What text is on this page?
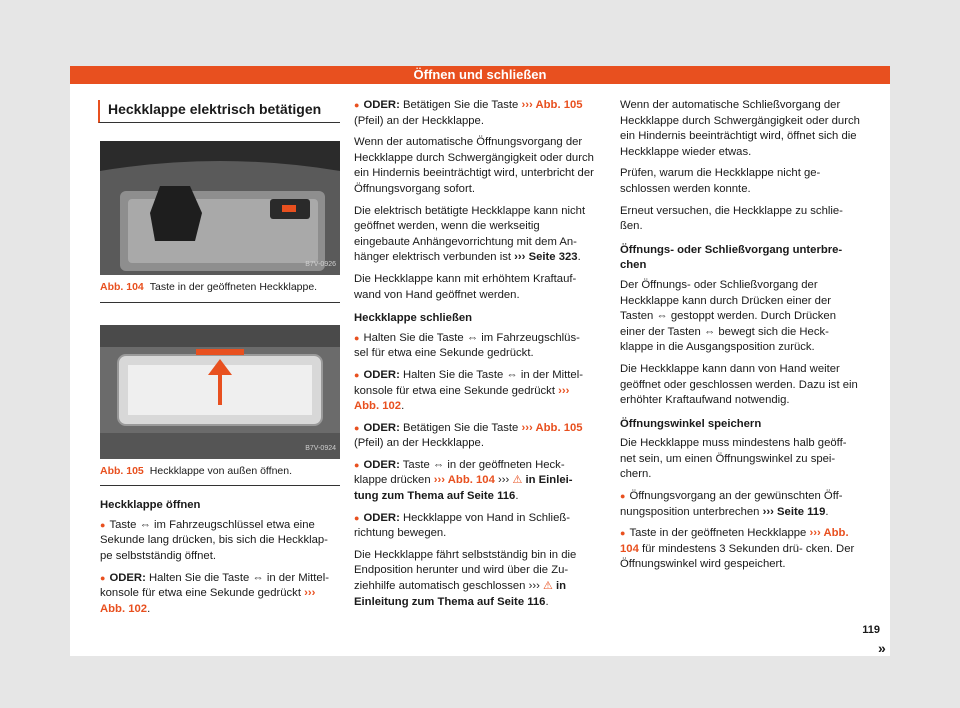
Öffnen und schließen
Heckklappe elektrisch betätigen
B7V-0926
Abb. 104 Taste in der geöffneten Heckklappe.
B7V-0924
Abb. 105 Heckklappe von außen öffnen.
Heckklappe öffnen

● Taste ⇔ im Fahrzeugschlüssel etwa eine Sekunde lang drücken, bis sich die Heckklap- pe selbstständig öffnet.

● ODER: Halten Sie die Taste ⇔ in der Mittel- konsole für etwa eine Sekunde gedrückt ››› Abb. 102.

● ODER: Betätigen Sie die Taste ››› Abb. 105 (Pfeil) an der Heckklappe.

Wenn der automatische Öffnungsvorgang der Heckklappe durch Schwergängigkeit oder durch ein Hindernis beeinträchtigt wird, unterbricht der Öffnungsvorgang sofort.

Die elektrisch betätigte Heckklappe kann nicht geöffnet werden, wenn die werkseitig eingebaute Anhängevorrichtung mit dem An- hänger elektrisch verbunden ist ››› Seite 323.

Die Heckklappe kann mit erhöhtem Kraftauf- wand von Hand geöffnet werden.

Heckklappe schließen

● Halten Sie die Taste ⇔ im Fahrzeugschlüs- sel für etwa eine Sekunde gedrückt.

● ODER: Halten Sie die Taste ⇔ in der Mittel- konsole für etwa eine Sekunde gedrückt ››› Abb. 102.

● ODER: Betätigen Sie die Taste ››› Abb. 105 (Pfeil) an der Heckklappe.

● ODER: Taste ⇔ in der geöffneten Heck- klappe drücken ››› Abb. 104 ››› ⚠ in Einlei- tung zum Thema auf Seite 116.

● ODER: Heckklappe von Hand in Schließ- richtung bewegen.

Die Heckklappe fährt selbstständig bin in die Endposition herunter und wird über die Zu- ziehhilfe automatisch geschlossen ››› ⚠ in Einleitung zum Thema auf Seite 116.

Wenn der automatische Schließvorgang der Heckklappe durch Schwergängigkeit oder durch ein Hindernis beeinträchtigt wird, öffnet sich die Heckklappe wieder etwas.

Prüfen, warum die Heckklappe nicht ge- schlossen werden konnte.

Erneut versuchen, die Heckklappe zu schlie- ßen.

Öffnungs- oder Schließvorgang unterbre- chen

Der Öffnungs- oder Schließvorgang der Heckklappe kann durch Drücken einer der Tasten ⇔ gestoppt werden. Durch Drücken einer der Tasten ⇔ bewegt sich die Heck- klappe in die Ausgangsposition zurück.

Die Heckklappe kann dann von Hand weiter geöffnet oder geschlossen werden. Dazu ist ein erhöhter Kraftaufwand notwendig.

Öffnungswinkel speichern

Die Heckklappe muss mindestens halb geöff- net sein, um einen Öffnungswinkel zu spei- chern.

● Öffnungsvorgang an der gewünschten Öff- nungsposition unterbrechen ››› Seite 119.

● Taste in der geöffneten Heckklappe ››› Abb. 104 für mindestens 3 Sekunden drü- cken. Der Öffnungswinkel wird gespeichert.

»
119
